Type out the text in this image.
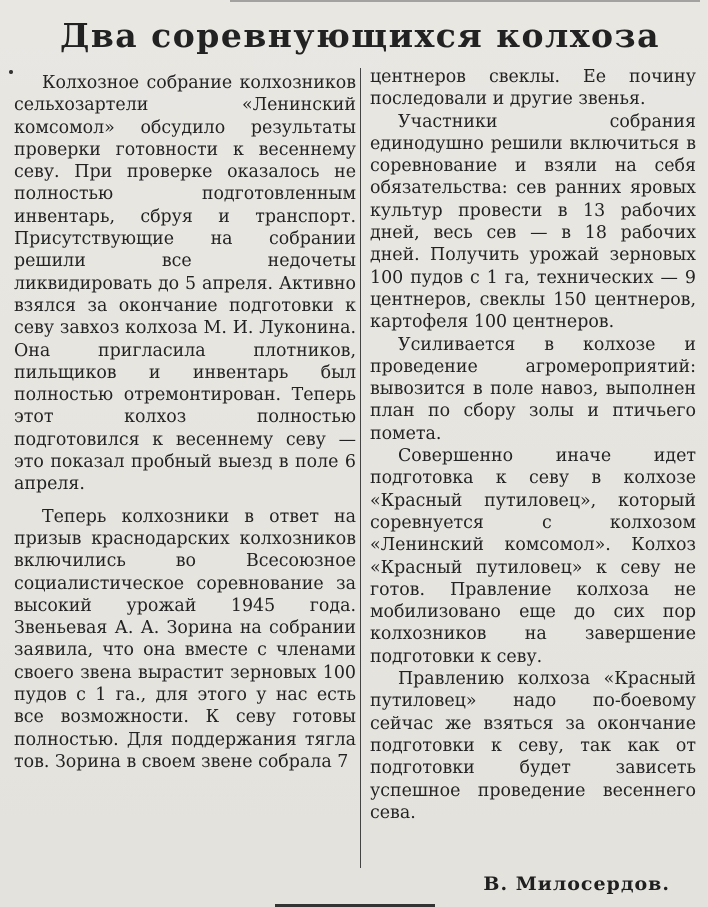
Два соревнующихся колхоза

Колхозное собрание колхозников сельхозартели «Ленинский комсомол» обсудило результаты проверки готовности к весеннему севу. При проверке оказалось не полностью подготовленным инвентарь, сбруя и транспорт. Присутствующие на собрании решили все недочеты ликвидировать до 5 апреля. Активно взялся за окончание подготовки к севу завхоз колхоза М. И. Луконина. Она пригласила плотников, пильщиков и инвентарь был полностью отремонтирован. Теперь этот колхоз полностью подготовился к весеннему севу — это показал пробный выезд в поле 6 апреля.

Теперь колхозники в ответ на призыв краснодарских колхозников включились во Всесоюзное социалистическое соревнование за высокий урожай 1945 года. Звеньевая А. А. Зорина на собрании заявила, что она вместе с членами своего звена вырастит зерновых 100 пудов с 1 га., для этого у нас есть все возможности. К севу готовы полностью. Для поддержания тягла тов. Зорина в своем звене собрала 7

центнеров свеклы. Ее почину последовали и другие звенья.

Участники собрания единодушно решили включиться в соревнование и взяли на себя обязательства: сев ранних яровых культур провести в 13 рабочих дней, весь сев — в 18 рабочих дней. Получить урожай зерновых 100 пудов с 1 га, технических — 9 центнеров, свеклы 150 центнеров, картофеля 100 центнеров.

Усиливается в колхозе и проведение агромероприятий: вывозится в поле навоз, выполнен план по сбору золы и птичьего помета.

Совершенно иначе идет подготовка к севу в колхозе «Красный путиловец», который соревнуется с колхозом «Ленинский комсомол». Колхоз «Красный путиловец» к севу не готов. Правление колхоза не мобилизовано еще до сих пор колхозников на завершение подготовки к севу.

Правлению колхоза «Красный путиловец» надо по-боевому сейчас же взяться за окончание подготовки к севу, так как от подготовки будет зависеть успешное проведение весеннего сева.

В. Милосердов.
